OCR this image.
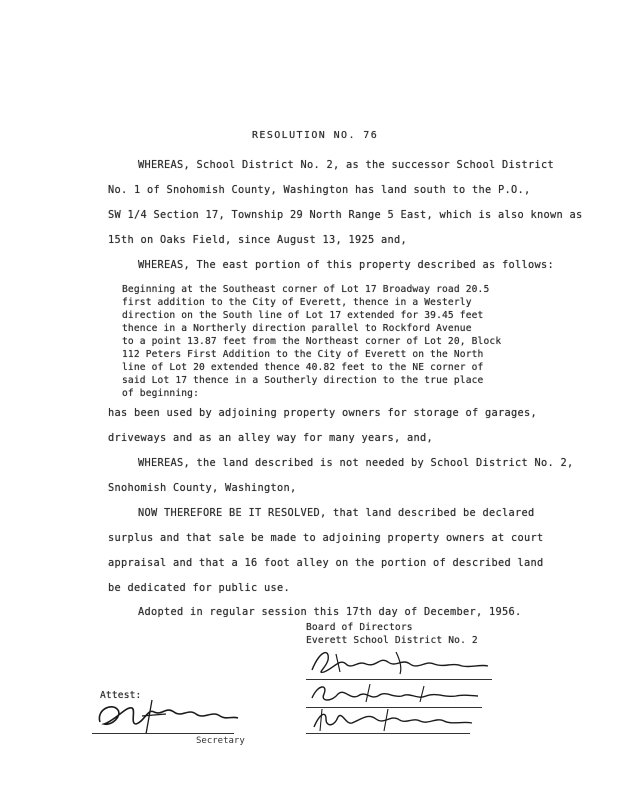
RESOLUTION NO. 76
WHEREAS, School District No. 2, as the successor School District
No. 1 of Snohomish County, Washington has land south to the P.O.,
SW 1/4 Section 17, Township 29 North Range 5 East, which is also known as
15th on Oaks Field, since August 13, 1925 and,
WHEREAS, The east portion of this property described as follows:
Beginning at the Southeast corner of Lot 17 Broadway road 20.5
first addition to the City of Everett, thence in a Westerly
direction on the South line of Lot 17 extended for 39.45 feet
thence in a Northerly direction parallel to Rockford Avenue
to a point 13.87 feet from the Northeast corner of Lot 20, Block
112 Peters First Addition to the City of Everett on the North
line of Lot 20 extended thence 40.82 feet to the NE corner of
said Lot 17 thence in a Southerly direction to the true place
of beginning:
has been used by adjoining property owners for storage of garages,
driveways and as an alley way for many years, and,
WHEREAS, the land described is not needed by School District No. 2,
Snohomish County, Washington,
NOW THEREFORE BE IT RESOLVED, that land described be declared
surplus and that sale be made to adjoining property owners at court
appraisal and that a 16 foot alley on the portion of described land
be dedicated for public use.
Adopted in regular session this 17th day of December, 1956.
Board of Directors
Everett School District No. 2
Attest:
Secretary
